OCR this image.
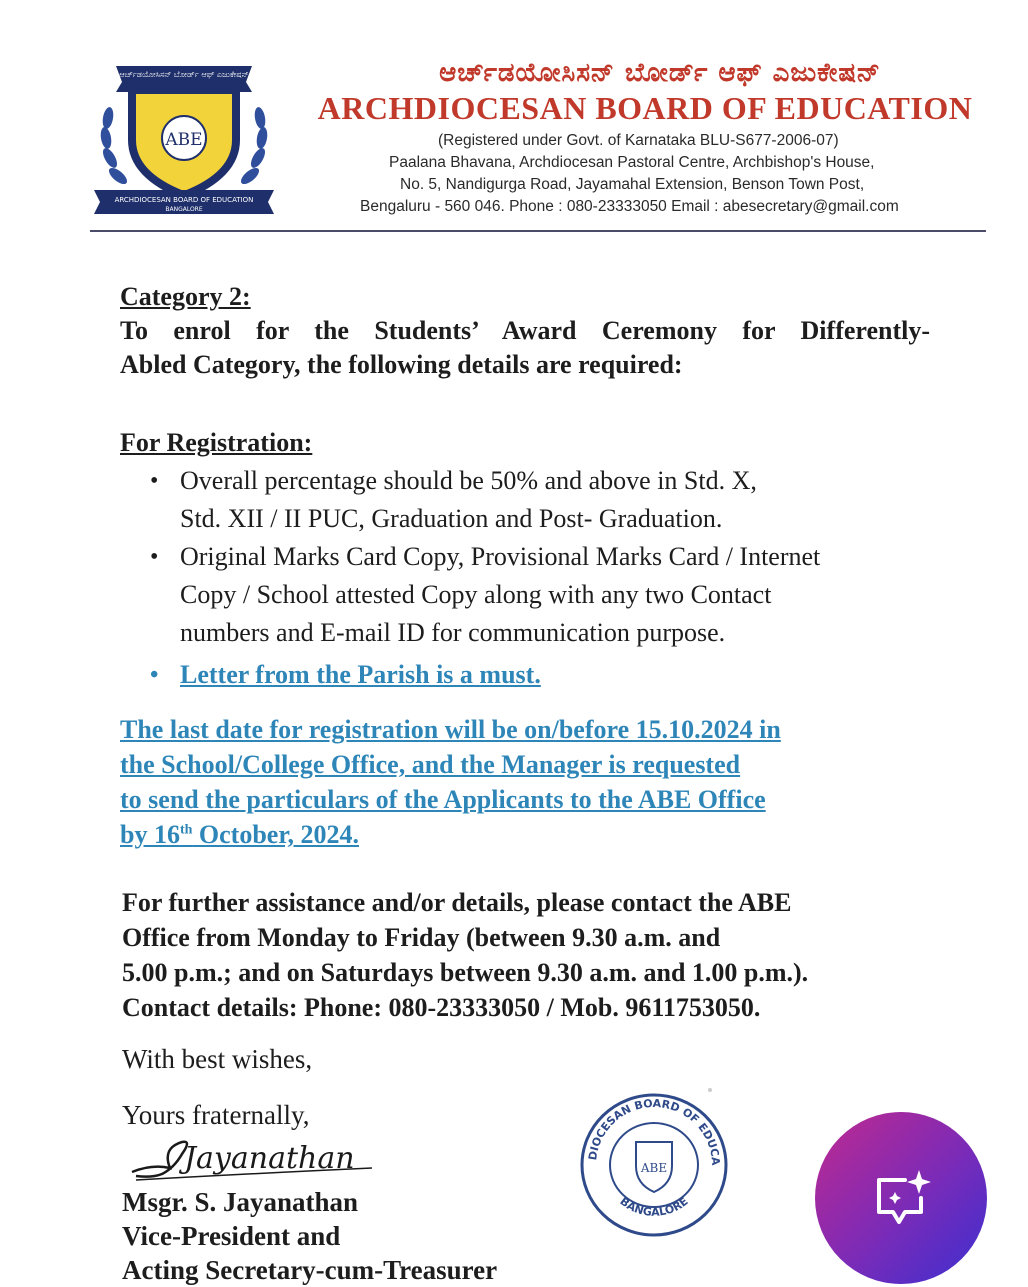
ಆರ್ಚ್‌ಡಯೋಸಿಸನ್ ಬೋರ್ಡ್ ಆಫ್ ಎಜುಕೇಷನ್
ABE
ARCHDIOCESAN BOARD OF EDUCATION
BANGALORE
ಆರ್ಚ್‌ಡಯೋಸಿಸನ್ ಬೋರ್ಡ್ ಆಫ್ ಎಜುಕೇಷನ್
ARCHDIOCESAN BOARD OF EDUCATION
(Registered under Govt. of Karnataka BLU-S677-2006-07)
Paalana Bhavana, Archdiocesan Pastoral Centre, Archbishop's House,
No. 5, Nandigurga Road, Jayamahal Extension, Benson Town Post,
Bengaluru - 560 046. Phone : 080-23333050 Email : abesecretary@gmail.com
Category 2:
To enrol for the Students’ Award Ceremony for Differently-
Abled Category, the following details are required:
For Registration:
• Overall percentage should be 50% and above in Std. X,
Std. XII / II PUC, Graduation and Post- Graduation.
• Original Marks Card Copy, Provisional Marks Card / Internet
Copy / School attested Copy along with any two Contact
numbers and E-mail ID for communication purpose.
• Letter from the Parish is a must.
The last date for registration will be on/before 15.10.2024 in
the School/College Office, and the Manager is requested
to send the particulars of the Applicants to the ABE Office
by 16th October, 2024.
For further assistance and/or details, please contact the ABE
Office from Monday to Friday (between 9.30 a.m. and
5.00 p.m.; and on Saturdays between 9.30 a.m. and 1.00 p.m.).
Contact details: Phone: 080-23333050 / Mob. 9611753050.
With best wishes,
Yours fraternally,
Jayanathan
Msgr. S. Jayanathan
Vice-President and
Acting Secretary-cum-Treasurer
DIOCESAN BOARD OF EDUCA
BANGALORE
ABE
